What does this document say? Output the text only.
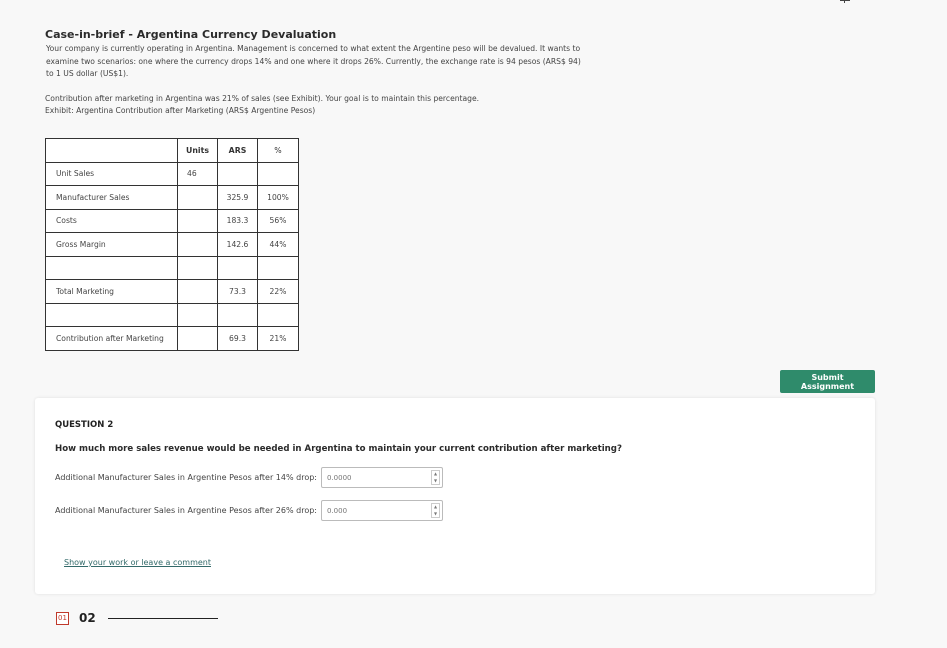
Case-in-brief - Argentina Currency Devaluation

Your company is currently operating in Argentina. Management is concerned to what extent the Argentine peso will be devalued. It wants to examine two scenarios: one where the currency drops 14% and one where it drops 26%. Currently, the exchange rate is 94 pesos (ARS$ 94) to 1 US dollar (US$1).

Contribution after marketing in Argentina was 21% of sales (see Exhibit). Your goal is to maintain this percentage.

Exhibit: Argentina Contribution after Marketing (ARS$ Argentine Pesos)

	Units	ARS	%
Unit Sales	46		
Manufacturer Sales		325.9	100%
Costs		183.3	56%
Gross Margin		142.6	44%

Total Marketing		73.3	22%

Contribution after Marketing		69.3	21%
Submit Assignment
QUESTION 2
How much more sales revenue would be needed in Argentina to maintain your current contribution after marketing?
Additional Manufacturer Sales in Argentine Pesos after 14% drop:
0.0000	▲
▼
Additional Manufacturer Sales in Argentine Pesos after 26% drop:
0.000	▲
▼
Show your work or leave a comment
01 02
